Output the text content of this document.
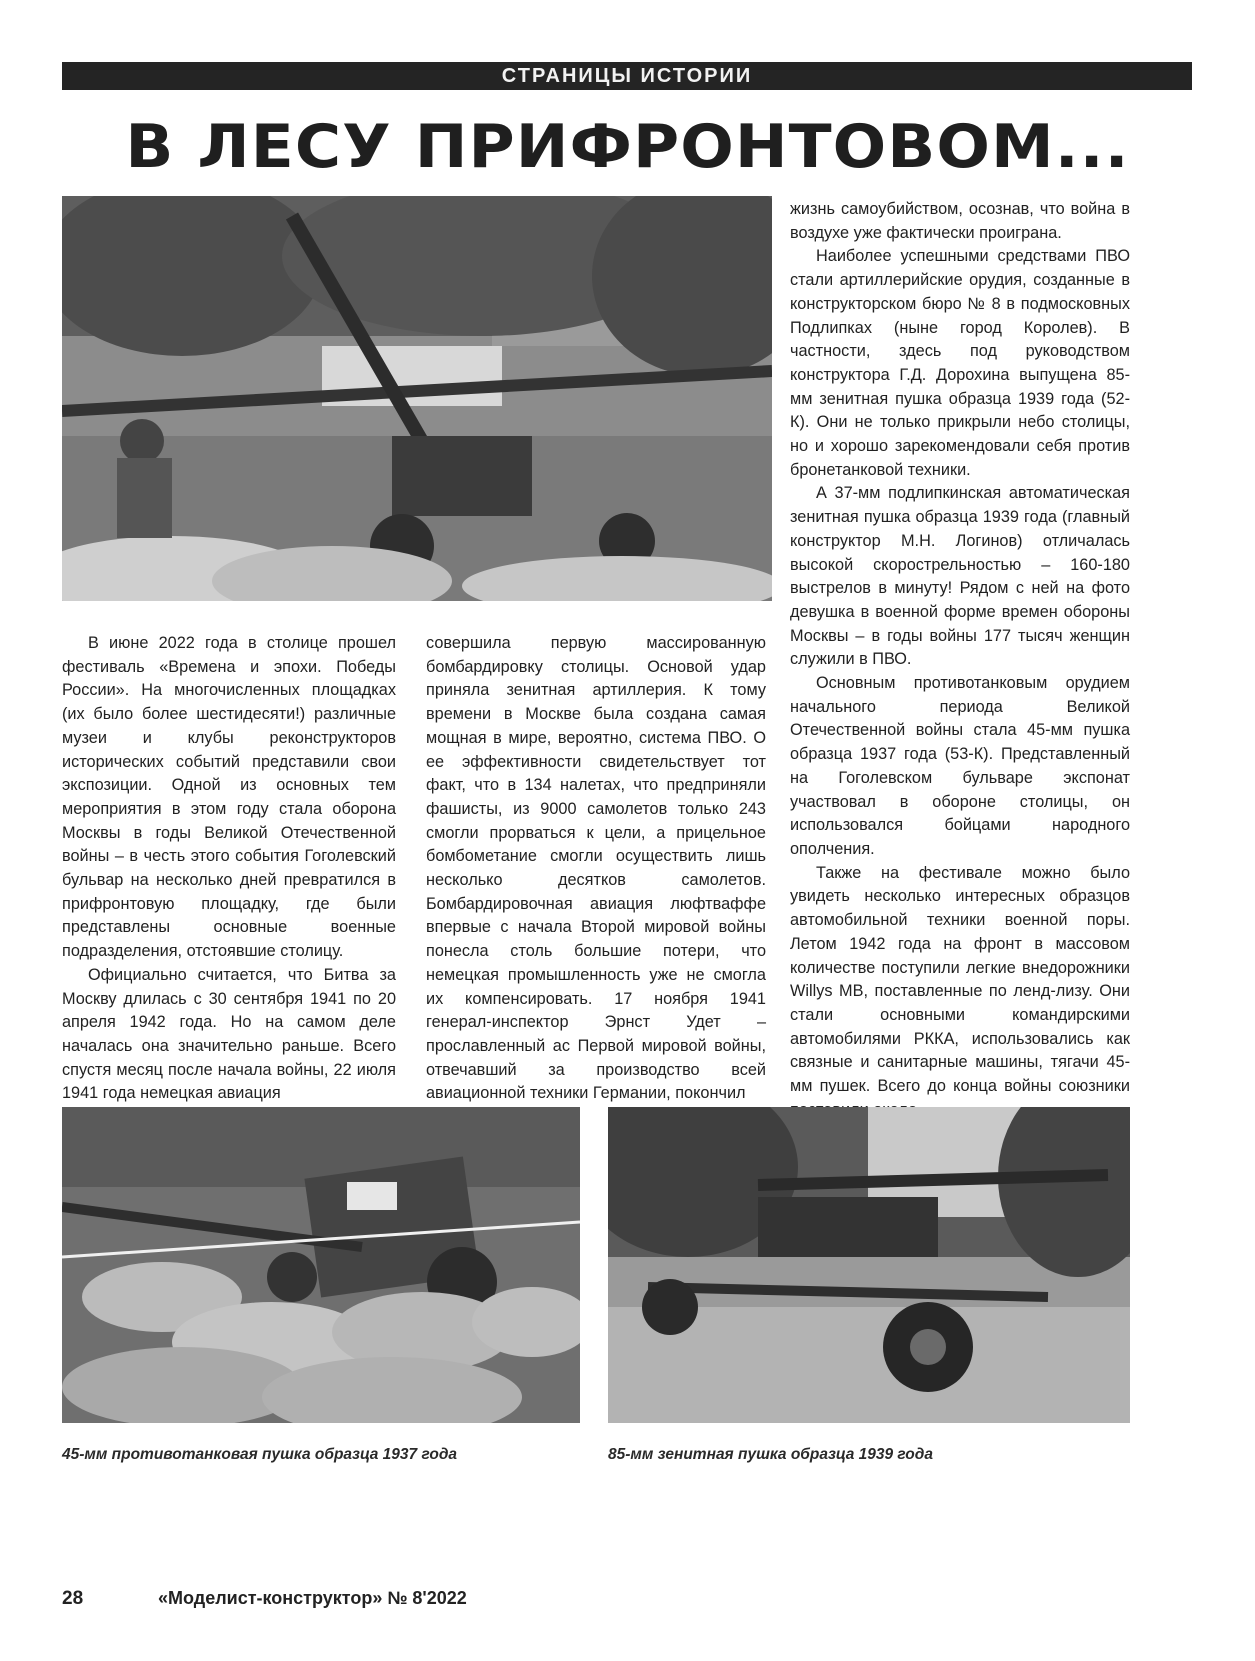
СТРАНИЦЫ ИСТОРИИ
В ЛЕСУ ПРИФРОНТОВОМ...

жизнь самоубийством, осознав, что война в воздухе уже фактически проиграна.

Наиболее успешными средствами ПВО стали артиллерийские орудия, созданные в конструкторском бюро № 8 в подмосковных Подлипках (ныне город Королев). В частности, здесь под руководством конструктора Г.Д. Дорохина выпущена 85-мм зенитная пушка образца 1939 года (52-К). Они не только прикрыли небо столицы, но и хорошо зарекомендовали себя против бронетанковой техники.

А 37-мм подлипкинская автоматическая зенитная пушка образца 1939 года (главный конструктор М.Н. Логинов) отличалась высокой скорострельностью – 160-180 выстрелов в минуту! Рядом с ней на фото девушка в военной форме времен обороны Москвы – в годы войны 177 тысяч женщин служили в ПВО.

Основным противотанковым орудием начального периода Великой Отечественной войны стала 45-мм пушка образца 1937 года (53-К). Представленный на Гоголевском бульваре экспонат участвовал в обороне столицы, он использовался бойцами народного ополчения.

Также на фестивале можно было увидеть несколько интересных образцов автомобильной техники военной поры. Летом 1942 года на фронт в массовом количестве поступили легкие внедорожники Willys MB, поставленные по ленд-лизу. Они стали основными командирскими автомобилями РККА, использовались как связные и санитарные машины, тягачи 45-мм пушек. Всего до конца войны союзники

В июне 2022 года в столице прошел фестиваль «Времена и эпохи. Победы России». На многочисленных площадках (их было более шестидесяти!) различные музеи и клубы реконструкторов исторических событий представили свои экспозиции. Одной из основных тем мероприятия в этом году стала оборона Москвы в годы Великой Отечественной войны – в честь этого события Гоголевский бульвар на несколько дней превратился в прифронтовую площадку, где были представлены основные военные подразделения, отстоявшие столицу.

Официально считается, что Битва за Москву длилась с 30 сентября 1941 по 20 апреля 1942 года. Но на самом деле началась она значительно раньше. Всего спустя месяц после начала войны, 22 июля 1941 года немецкая авиация

совершила первую массированную бомбардировку столицы. Основой удар приняла зенитная артиллерия. К тому времени в Москве была создана самая мощная в мире, вероятно, система ПВО. О ее эффективности свидетельствует тот факт, что в 134 налетах, что предприняли фашисты, из 9000 самолетов только 243 смогли прорваться к цели, а прицельное бомбометание смогли осуществить лишь несколько десятков самолетов. Бомбардировочная авиация люфтваффе впервые с начала Второй мировой войны понесла столь большие потери, что немецкая промышленность уже не смогла их компенсировать. 17 ноября 1941 генерал-инспектор Эрнст Удет – прославленный ас Первой мировой войны, отвечавший за производство всей авиационной техники Германии, покончил

45-мм противотанковая пушка образца 1937 года	85-мм зенитная пушка образца 1939 года
28	«Моделист-конструктор» № 8'2022
